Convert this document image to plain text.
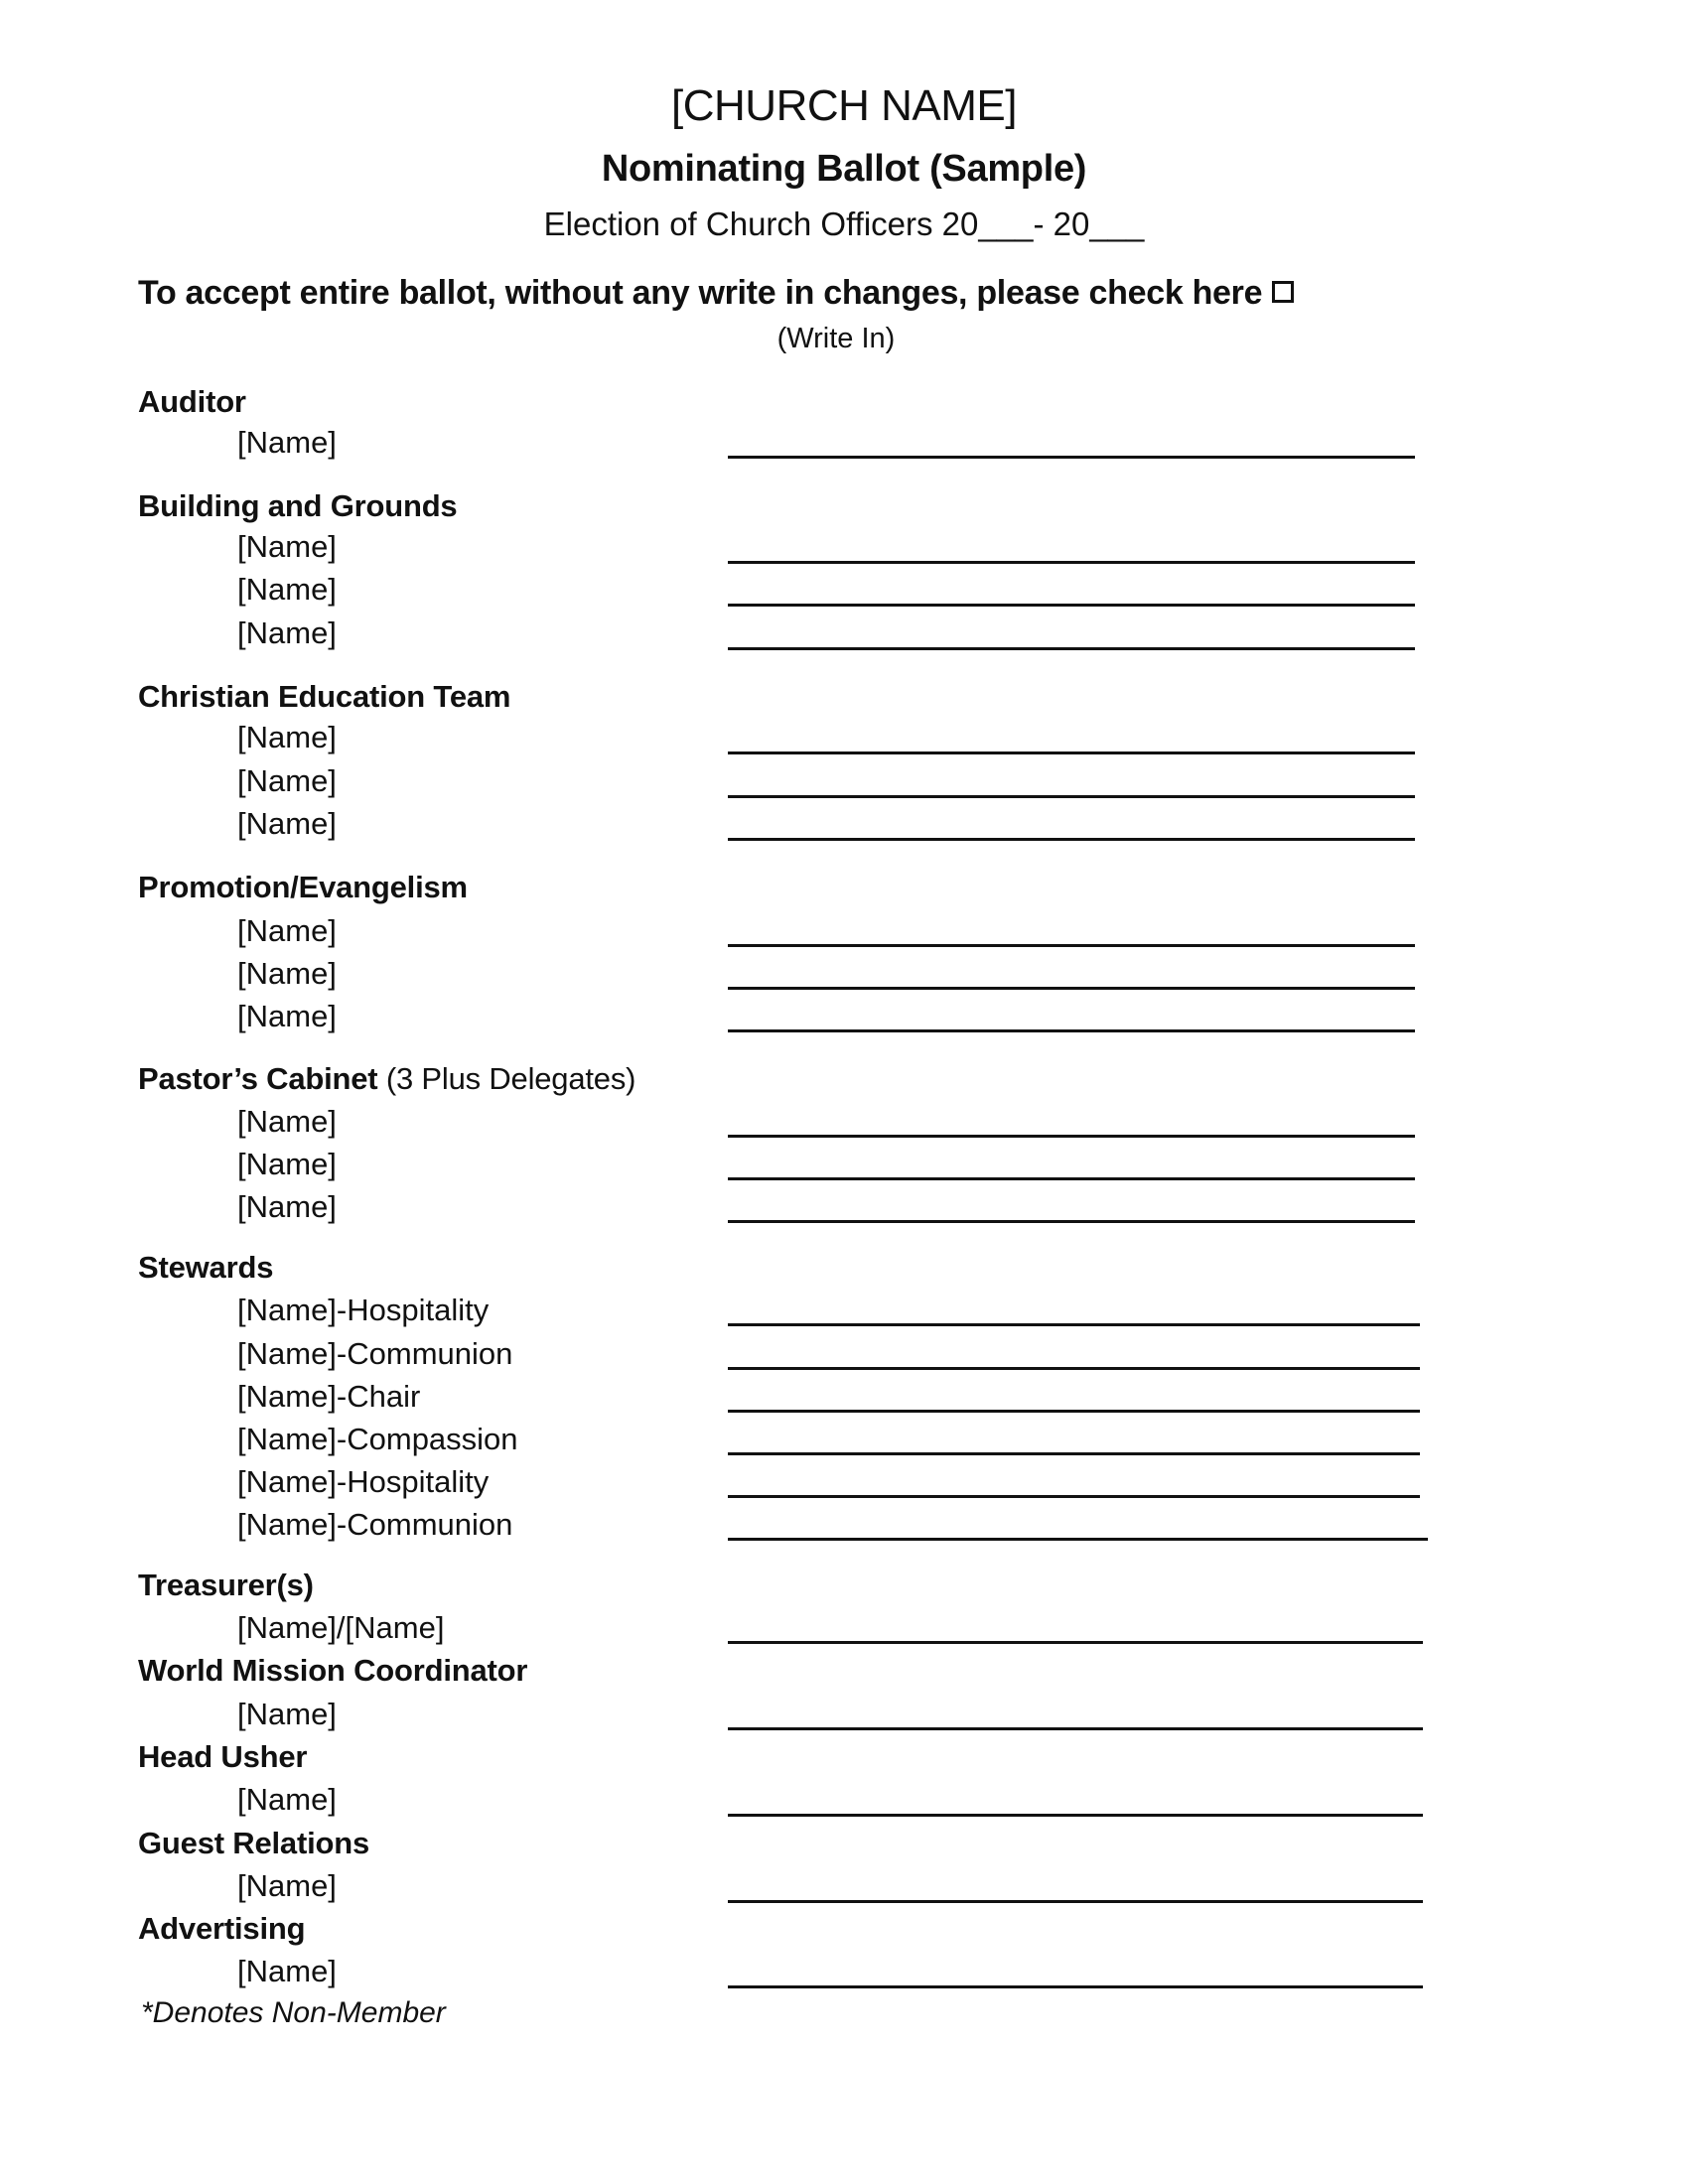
[CHURCH NAME]
Nominating Ballot (Sample)
Election of Church Officers 20___- 20___
To accept entire ballot, without any write in changes, please check here
(Write In)
Auditor
[Name]
Building and Grounds
[Name]
[Name]
[Name]
Christian Education Team
[Name]
[Name]
[Name]
Promotion/Evangelism
[Name]
[Name]
[Name]
Pastor’s Cabinet (3 Plus Delegates)
[Name]
[Name]
[Name]
Stewards
[Name]-Hospitality
[Name]-Communion
[Name]-Chair
[Name]-Compassion
[Name]-Hospitality
[Name]-Communion
Treasurer(s)
[Name]/[Name]
World Mission Coordinator
[Name]
Head Usher
[Name]
Guest Relations
[Name]
Advertising
[Name]
*Denotes Non-Member
